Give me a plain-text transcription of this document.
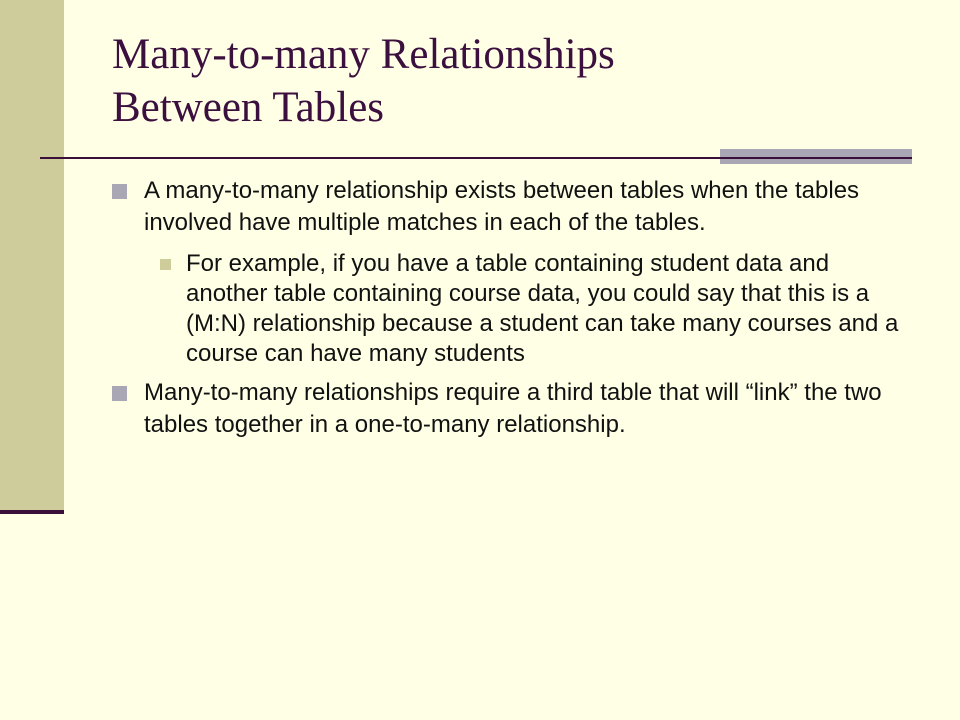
Many-to-many Relationships
Between Tables
A many-to-many relationship exists between tables when the tables involved have multiple matches in each of the tables.
For example, if you have a table containing student data and another table containing course data, you could say that this is a (M:N) relationship because a student can take many courses and a course can have many students
Many-to-many relationships require a third table that will “link” the two tables together in a one-to-many relationship.
